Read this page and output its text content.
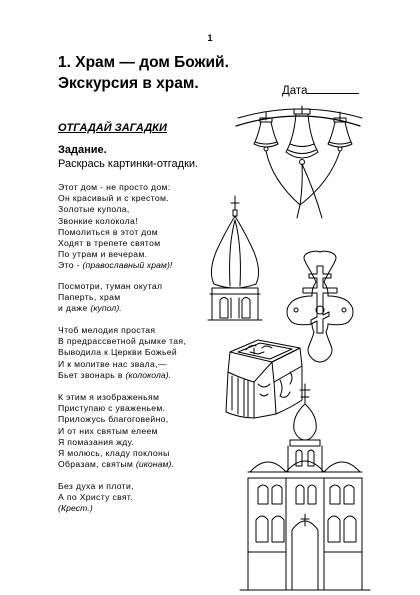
1
1. Храм — дом Божий.
Экскурсия в храм.	Дата
ОТГАДАЙ ЗАГАДКИ
Задание.
Раскрась картинки-отгадки.
Этот дом - не просто дом:
Он красивый и с крестом.
Золотые купола,
Звонкие колокола!
Помолиться в этот дом
Ходят в трепете святом
По утрам и вечерам.
Это - (православный храм)!
Посмотри, туман окутал
Паперть, храм
и даже (купол).
Чтоб мелодия простая
В предрассветной дымке тая,
Выводила к Церкви Божьей
И к молитве нас звала,—
Бьет звонарь в (колокола).
К этим я изображеньям
Приступаю с уваженьем.
Приложусь благоговейно,
И от них святым елеем
Я помазания жду.
Я молюсь, кладу поклоны
Образам, святым (иконам).
Без духа и плоти,
А по Христу свят.
(Крест.)
